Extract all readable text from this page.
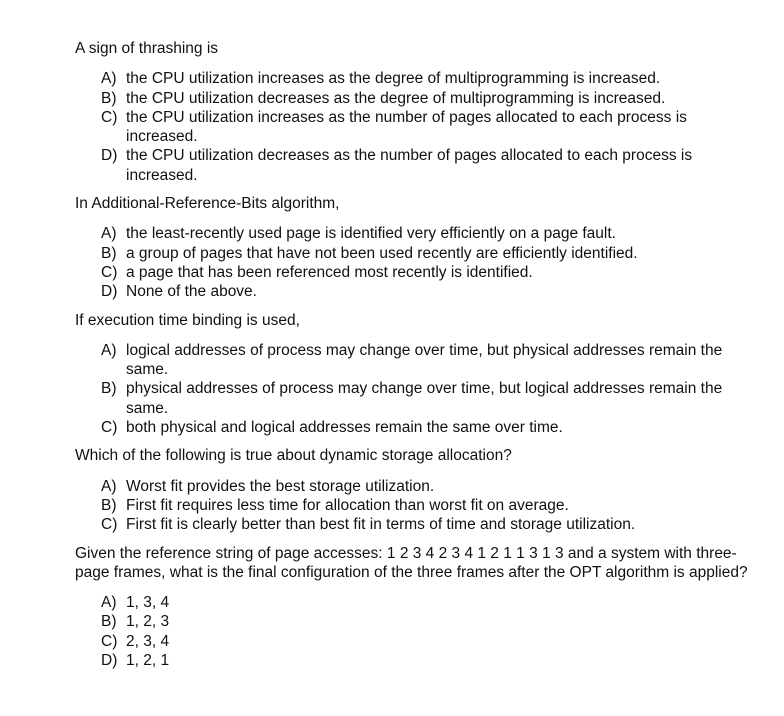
A sign of thrashing is

A) the CPU utilization increases as the degree of multiprogramming is increased.
B) the CPU utilization decreases as the degree of multiprogramming is increased.
C) the CPU utilization increases as the number of pages allocated to each process is increased.
D) the CPU utilization decreases as the number of pages allocated to each process is increased.

In Additional-Reference-Bits algorithm,

A) the least-recently used page is identified very efficiently on a page fault.
B) a group of pages that have not been used recently are efficiently identified.
C) a page that has been referenced most recently is identified.
D) None of the above.

If execution time binding is used,

A) logical addresses of process may change over time, but physical addresses remain the same.
B) physical addresses of process may change over time, but logical addresses remain the same.
C) both physical and logical addresses remain the same over time.

Which of the following is true about dynamic storage allocation?

A) Worst fit provides the best storage utilization.
B) First fit requires less time for allocation than worst fit on average.
C) First fit is clearly better than best fit in terms of time and storage utilization.

Given the reference string of page accesses: 1 2 3 4 2 3 4 1 2 1 1 3 1 3 and a system with three-page frames, what is the final configuration of the three frames after the OPT algorithm is applied?

A) 1, 3, 4
B) 1, 2, 3
C) 2, 3, 4
D) 1, 2, 1
